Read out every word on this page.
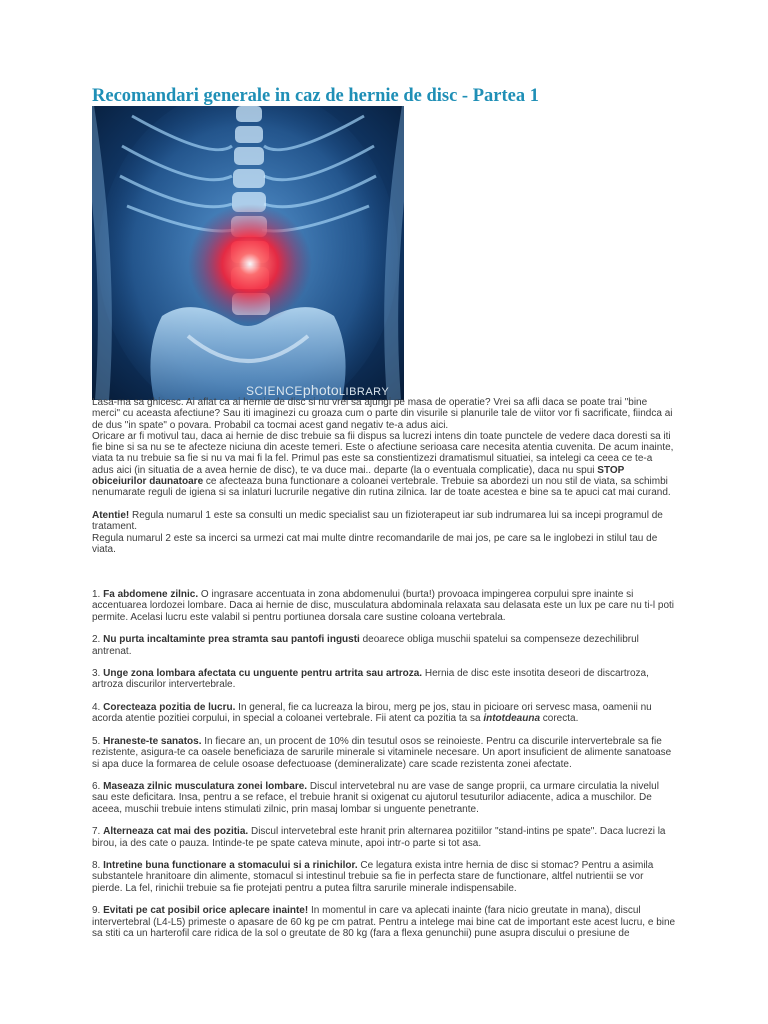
Recomandari generale in caz de hernie de disc - Partea 1
SCIENCEphotoLIBRARY

Lasa-ma sa ghicesc. Ai aflat ca ai hernie de disc si nu vrei sa ajungi pe masa de operatie? Vrei sa afli daca se poate trai "bine merci" cu aceasta afectiune? Sau iti imaginezi cu groaza cum o parte din visurile si planurile tale de viitor vor fi sacrificate, fiindca ai de dus "in spate" o povara. Probabil ca tocmai acest gand negativ te-a adus aici.

Oricare ar fi motivul tau, daca ai hernie de disc trebuie sa fii dispus sa lucrezi intens din toate punctele de vedere daca doresti sa iti fie bine si sa nu se te afecteze niciuna din aceste temeri. Este o afectiune serioasa care necesita atentia cuvenita. De acum inainte, viata ta nu trebuie sa fie si nu va mai fi la fel. Primul pas este sa constientizezi dramatismul situatiei, sa intelegi ca ceea ce te-a adus aici (in situatia de a avea hernie de disc), te va duce mai.. departe (la o eventuala complicatie), daca nu spui STOP obiceiurilor daunatoare ce afecteaza buna functionare a coloanei vertebrale. Trebuie sa abordezi un nou stil de viata, sa schimbi nenumarate reguli de igiena si sa inlaturi lucrurile negative din rutina zilnica. Iar de toate acestea e bine sa te apuci cat mai curand.

Atentie! Regula numarul 1 este sa consulti un medic specialist sau un fizioterapeut iar sub indrumarea lui sa incepi programul de tratament.

Regula numarul 2 este sa incerci sa urmezi cat mai multe dintre recomandarile de mai jos, pe care sa le inglobezi in stilul tau de viata.

1. Fa abdomene zilnic. O ingrasare accentuata in zona abdomenului (burta!) provoaca impingerea corpului spre inainte si accentuarea lordozei lombare. Daca ai hernie de disc, musculatura abdominala relaxata sau delasata este un lux pe care nu ti-l poti permite. Acelasi lucru este valabil si pentru portiunea dorsala care sustine coloana vertebrala.

2. Nu purta incaltaminte prea stramta sau pantofi ingusti deoarece obliga muschii spatelui sa compenseze dezechilibrul antrenat.

3. Unge zona lombara afectata cu unguente pentru artrita sau artroza. Hernia de disc este insotita deseori de discartroza, artroza discurilor intervertebrale.

4. Corecteaza pozitia de lucru. In general, fie ca lucreaza la birou, merg pe jos, stau in picioare ori servesc masa, oamenii nu acorda atentie pozitiei corpului, in special a coloanei vertebrale. Fii atent ca pozitia ta sa intotdeauna corecta.

5. Hraneste-te sanatos. In fiecare an, un procent de 10% din tesutul osos se reinoieste. Pentru ca discurile intervertebrale sa fie rezistente, asigura-te ca oasele beneficiaza de sarurile minerale si vitaminele necesare. Un aport insuficient de alimente sanatoase si apa duce la formarea de celule osoase defectuoase (demineralizate) care scade rezistenta zonei afectate.

6. Maseaza zilnic musculatura zonei lombare. Discul intervetebral nu are vase de sange proprii, ca urmare circulatia la nivelul sau este deficitara. Insa, pentru a se reface, el trebuie hranit si oxigenat cu ajutorul tesuturilor adiacente, adica a muschilor. De aceea, muschii trebuie intens stimulati zilnic, prin masaj lombar si unguente penetrante.

7. Alterneaza cat mai des pozitia. Discul intervetebral este hranit prin alternarea pozitiilor "stand-intins pe spate". Daca lucrezi la birou, ia des cate o pauza. Intinde-te pe spate cateva minute, apoi intr-o parte si tot asa.

8. Intretine buna functionare a stomacului si a rinichilor. Ce legatura exista intre hernia de disc si stomac? Pentru a asimila substantele hranitoare din alimente, stomacul si intestinul trebuie sa fie in perfecta stare de functionare, altfel nutrientii se vor pierde. La fel, rinichii trebuie sa fie protejati pentru a putea filtra sarurile minerale indispensabile.

9. Evitati pe cat posibil orice aplecare inainte! In momentul in care va aplecati inainte (fara nicio greutate in mana), discul intervertebral (L4-L5) primeste o apasare de 60 kg pe cm patrat. Pentru a intelege mai bine cat de important este acest lucru, e bine sa stiti ca un harterofil care ridica de la sol o greutate de 80 kg (fara a flexa genunchii) pune asupra discului o presiune de
